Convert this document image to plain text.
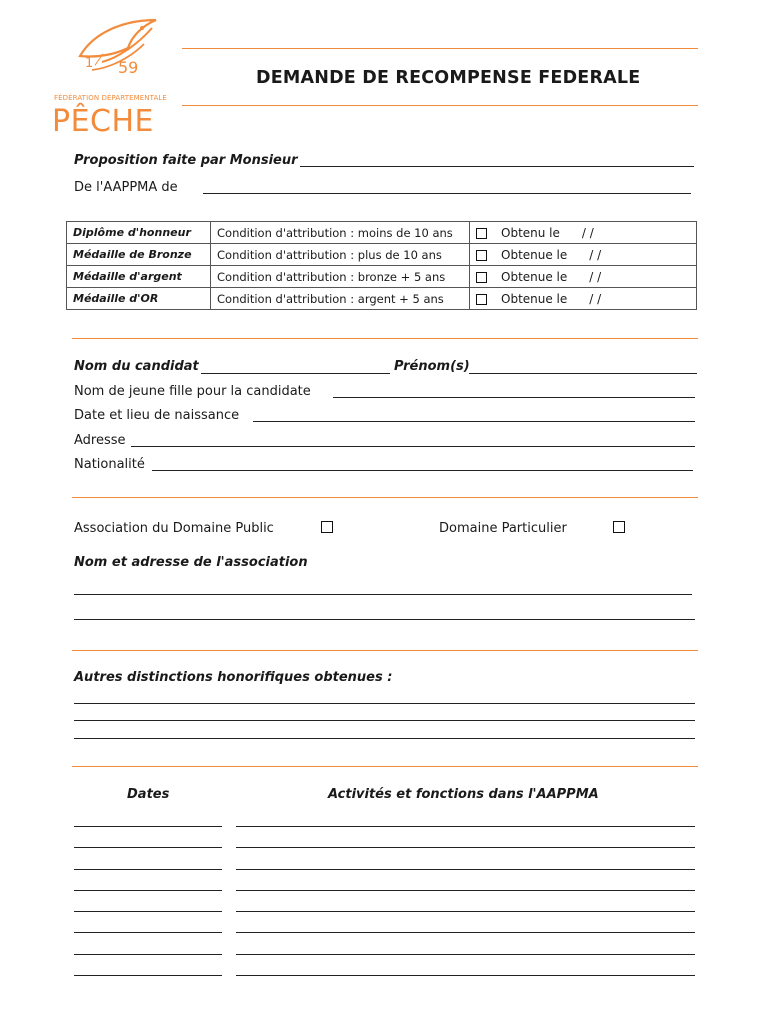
1 59
FÉDÉRATION DÉPARTEMENTALE
PÊCHE
DEMANDE DE RECOMPENSE FEDERALE
Proposition faite par Monsieur
De l'AAPPMA de
Diplôme d'honneur	Condition d'attribution : moins de 10 ans	Obtenu le / /
Médaille de Bronze	Condition d'attribution : plus de 10 ans	Obtenue le / /
Médaille d'argent	Condition d'attribution : bronze + 5 ans	Obtenue le / /
Médaille d'OR	Condition d'attribution : argent + 5 ans	Obtenue le / /
Nom du candidat	Prénom(s)
Nom de jeune fille pour la candidate
Date et lieu de naissance
Adresse
Nationalité
Association du Domaine Public	Domaine Particulier
Nom et adresse de l'association
Autres distinctions honorifiques obtenues :
Dates	Activités et fonctions dans l'AAPPMA
